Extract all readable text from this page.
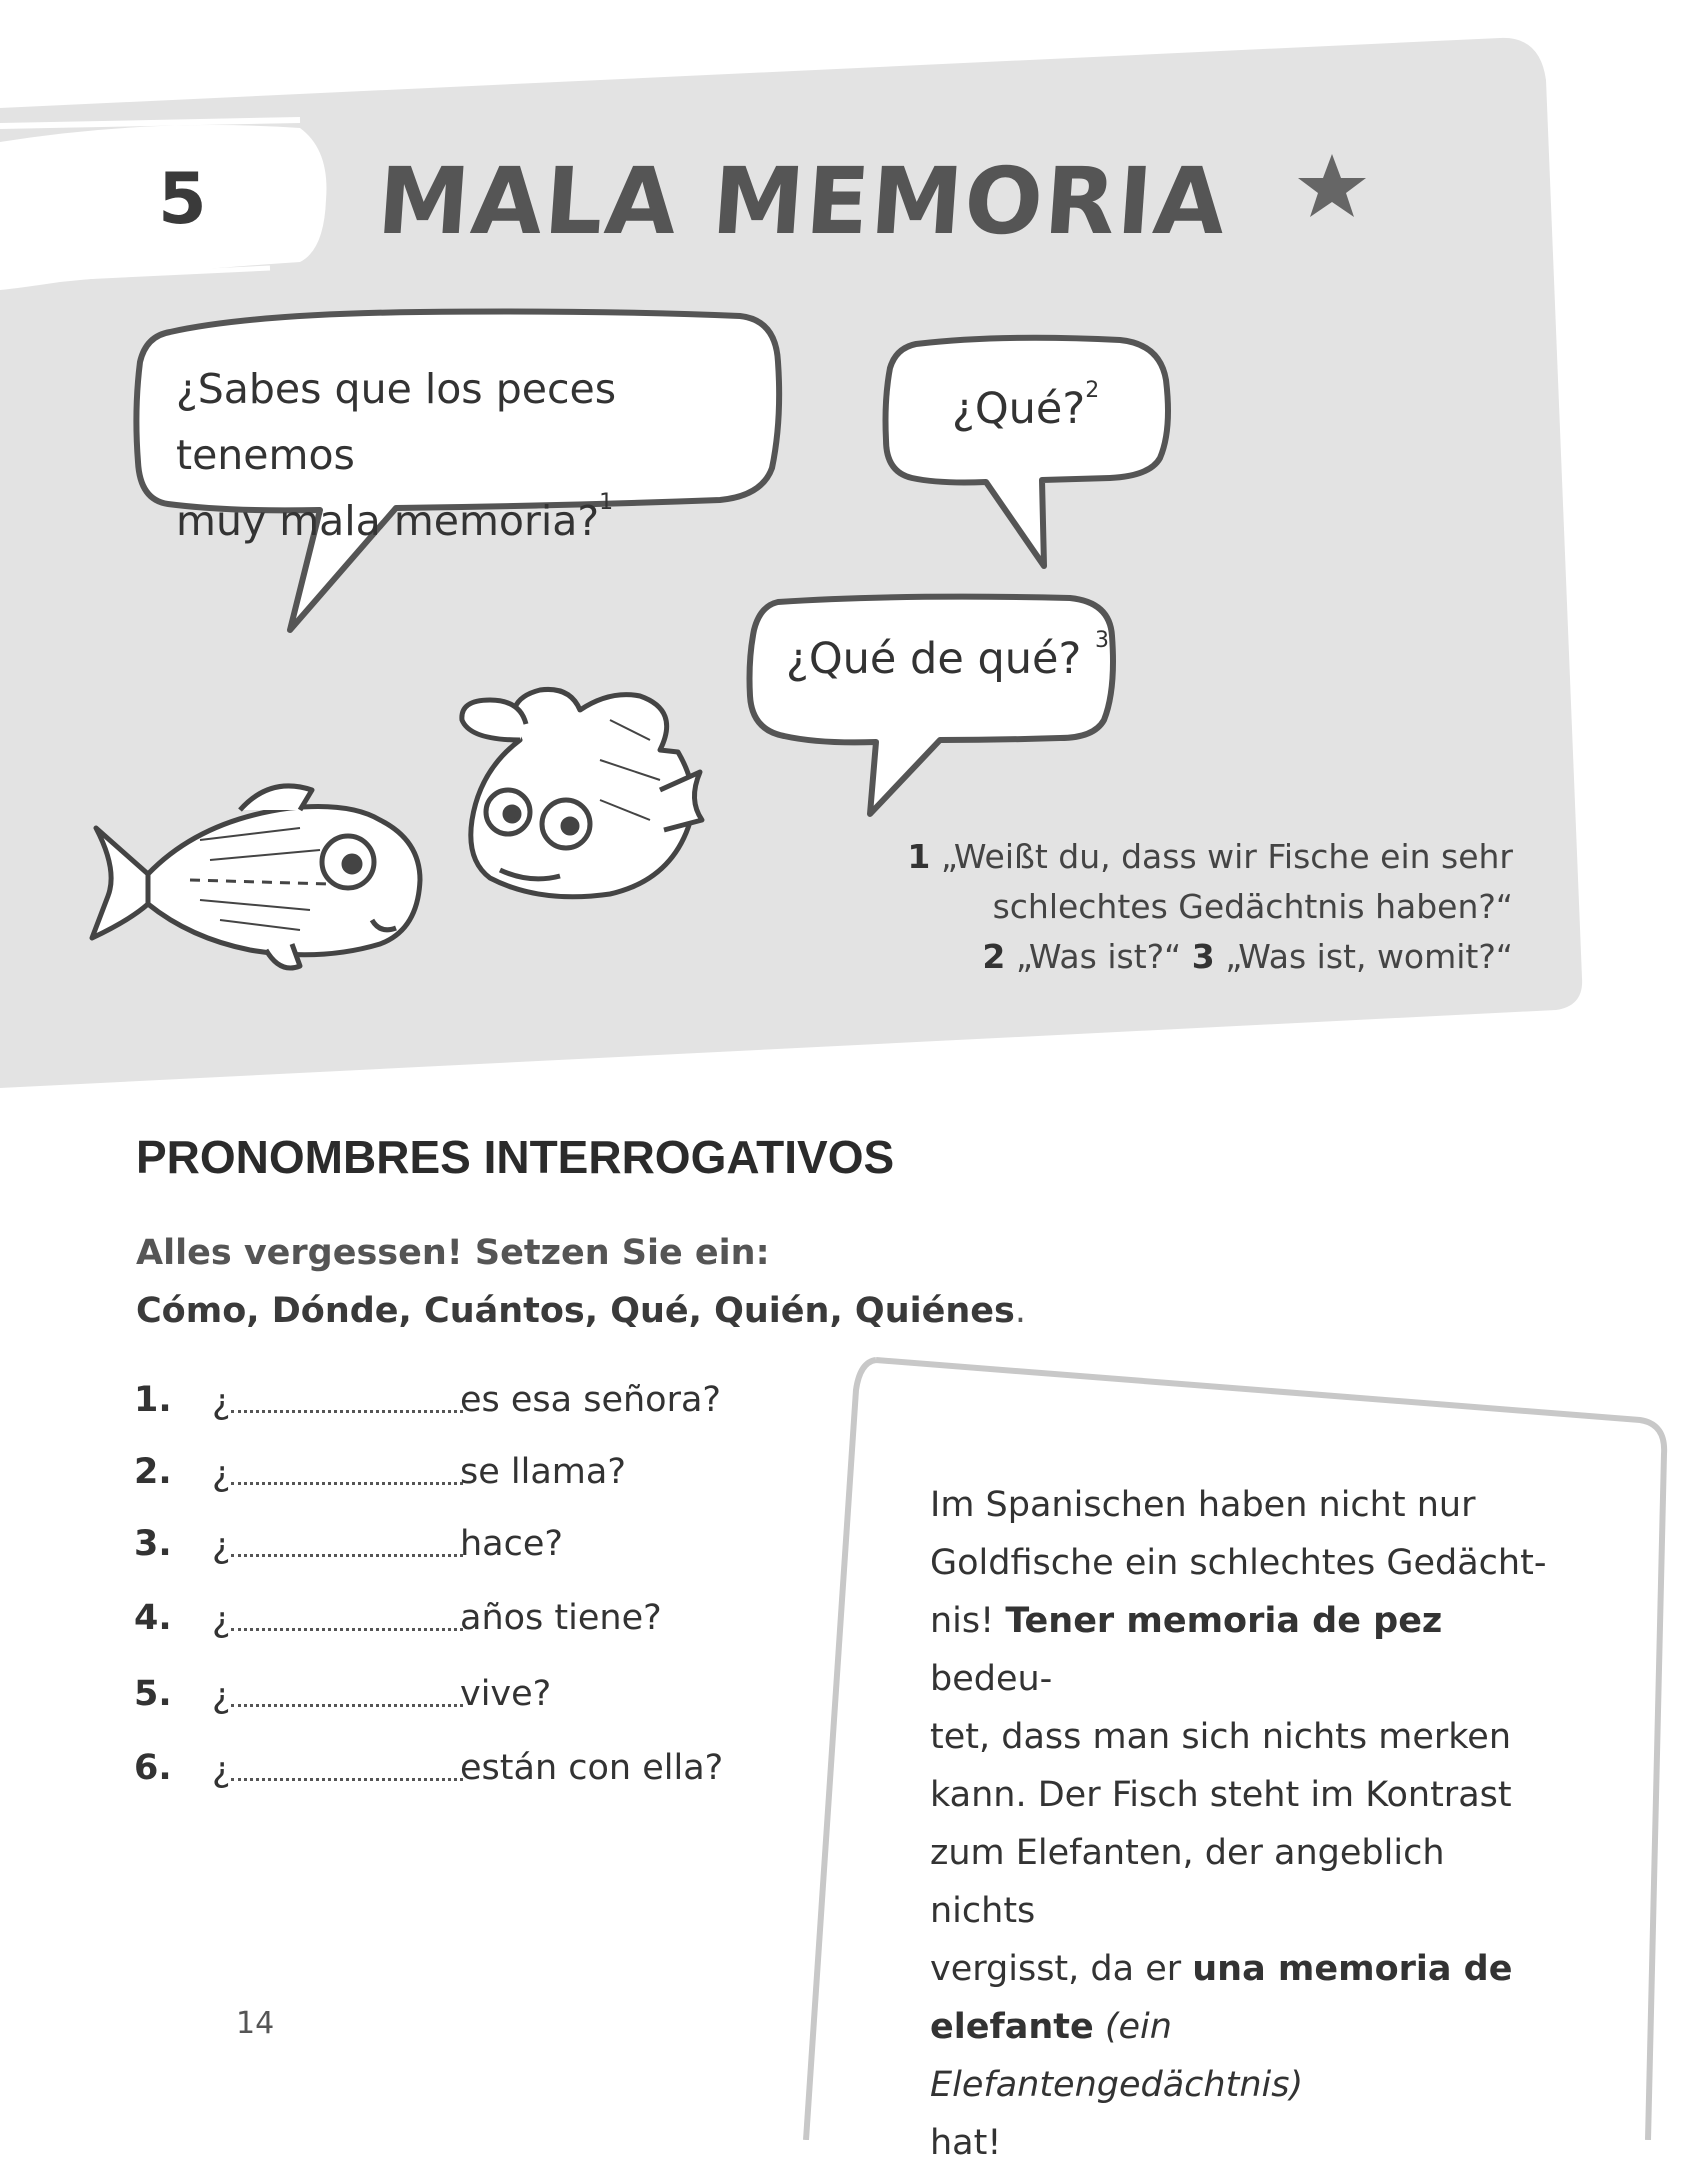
5 MALA MEMORIA
¿Sabes que los peces tenemos
muy mala memoria?$^1$
¿Qué?$^2$
¿Qué de qué? $^3$
1 „Weißt du, dass wir Fische ein sehr
schlechtes Gedächtnis haben?“
2 „Was ist?“ 3 „Was ist, womit?“
PRONOMBRES INTERROGATIVOS
Alles vergessen! Setzen Sie ein:
Cómo, Dónde, Cuántos, Qué, Quién, Quiénes.
1.	¿	es esa señora?
2.	¿	se llama?
3.	¿	hace?
4.	¿	años tiene?
5.	¿	vive?
6.	¿	están con ella?
Im Spanischen haben nicht nur
Goldfische ein schlechtes Gedächt-
nis! Tener memoria de pez bedeu-
tet, dass man sich nichts merken
kann. Der Fisch steht im Kontrast
zum Elefanten, der angeblich nichts
vergisst, da er una memoria de
elefante (ein Elefantengedächtnis)
hat!
14
